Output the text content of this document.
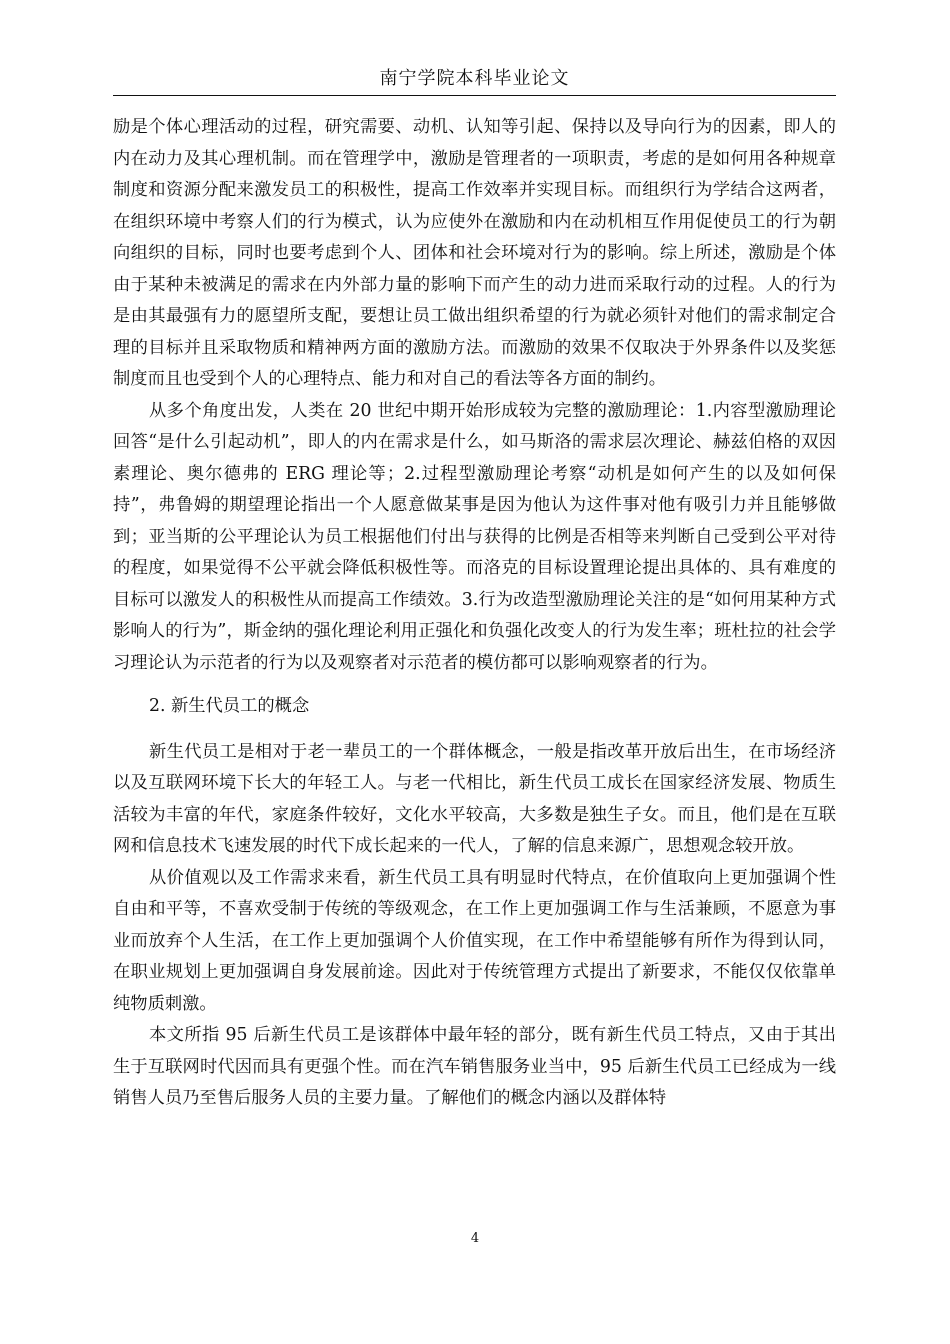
南宁学院本科毕业论文

励是个体心理活动的过程，研究需要、动机、认知等引起、保持以及导向行为的因素，即人的内在动力及其心理机制。而在管理学中，激励是管理者的一项职责，考虑的是如何用各种规章制度和资源分配来激发员工的积极性，提高工作效率并实现目标。而组织行为学结合这两者，在组织环境中考察人们的行为模式，认为应使外在激励和内在动机相互作用促使员工的行为朝向组织的目标，同时也要考虑到个人、团体和社会环境对行为的影响。综上所述，激励是个体由于某种未被满足的需求在内外部力量的影响下而产生的动力进而采取行动的过程。人的行为是由其最强有力的愿望所支配，要想让员工做出组织希望的行为就必须针对他们的需求制定合理的目标并且采取物质和精神两方面的激励方法。而激励的效果不仅取决于外界条件以及奖惩制度而且也受到个人的心理特点、能力和对自己的看法等各方面的制约。

从多个角度出发，人类在 20 世纪中期开始形成较为完整的激励理论：1.内容型激励理论回答“是什么引起动机”，即人的内在需求是什么，如马斯洛的需求层次理论、赫兹伯格的双因素理论、奥尔德弗的 ERG 理论等；2.过程型激励理论考察“动机是如何产生的以及如何保持”，弗鲁姆的期望理论指出一个人愿意做某事是因为他认为这件事对他有吸引力并且能够做到；亚当斯的公平理论认为员工根据他们付出与获得的比例是否相等来判断自己受到公平对待的程度，如果觉得不公平就会降低积极性等。而洛克的目标设置理论提出具体的、具有难度的目标可以激发人的积极性从而提高工作绩效。3.行为改造型激励理论关注的是“如何用某种方式影响人的行为”，斯金纳的强化理论利用正强化和负强化改变人的行为发生率；班杜拉的社会学习理论认为示范者的行为以及观察者对示范者的模仿都可以影响观察者的行为。

2. 新生代员工的概念

新生代员工是相对于老一辈员工的一个群体概念，一般是指改革开放后出生，在市场经济以及互联网环境下长大的年轻工人。与老一代相比，新生代员工成长在国家经济发展、物质生活较为丰富的年代，家庭条件较好，文化水平较高，大多数是独生子女。而且，他们是在互联网和信息技术飞速发展的时代下成长起来的一代人，了解的信息来源广，思想观念较开放。

从价值观以及工作需求来看，新生代员工具有明显时代特点，在价值取向上更加强调个性自由和平等，不喜欢受制于传统的等级观念，在工作上更加强调工作与生活兼顾，不愿意为事业而放弃个人生活，在工作上更加强调个人价值实现，在工作中希望能够有所作为得到认同，在职业规划上更加强调自身发展前途。因此对于传统管理方式提出了新要求，不能仅仅依靠单纯物质刺激。

本文所指 95 后新生代员工是该群体中最年轻的部分，既有新生代员工特点，又由于其出生于互联网时代因而具有更强个性。而在汽车销售服务业当中，95 后新生代员工已经成为一线销售人员乃至售后服务人员的主要力量。了解他们的概念内涵以及群体特

4
